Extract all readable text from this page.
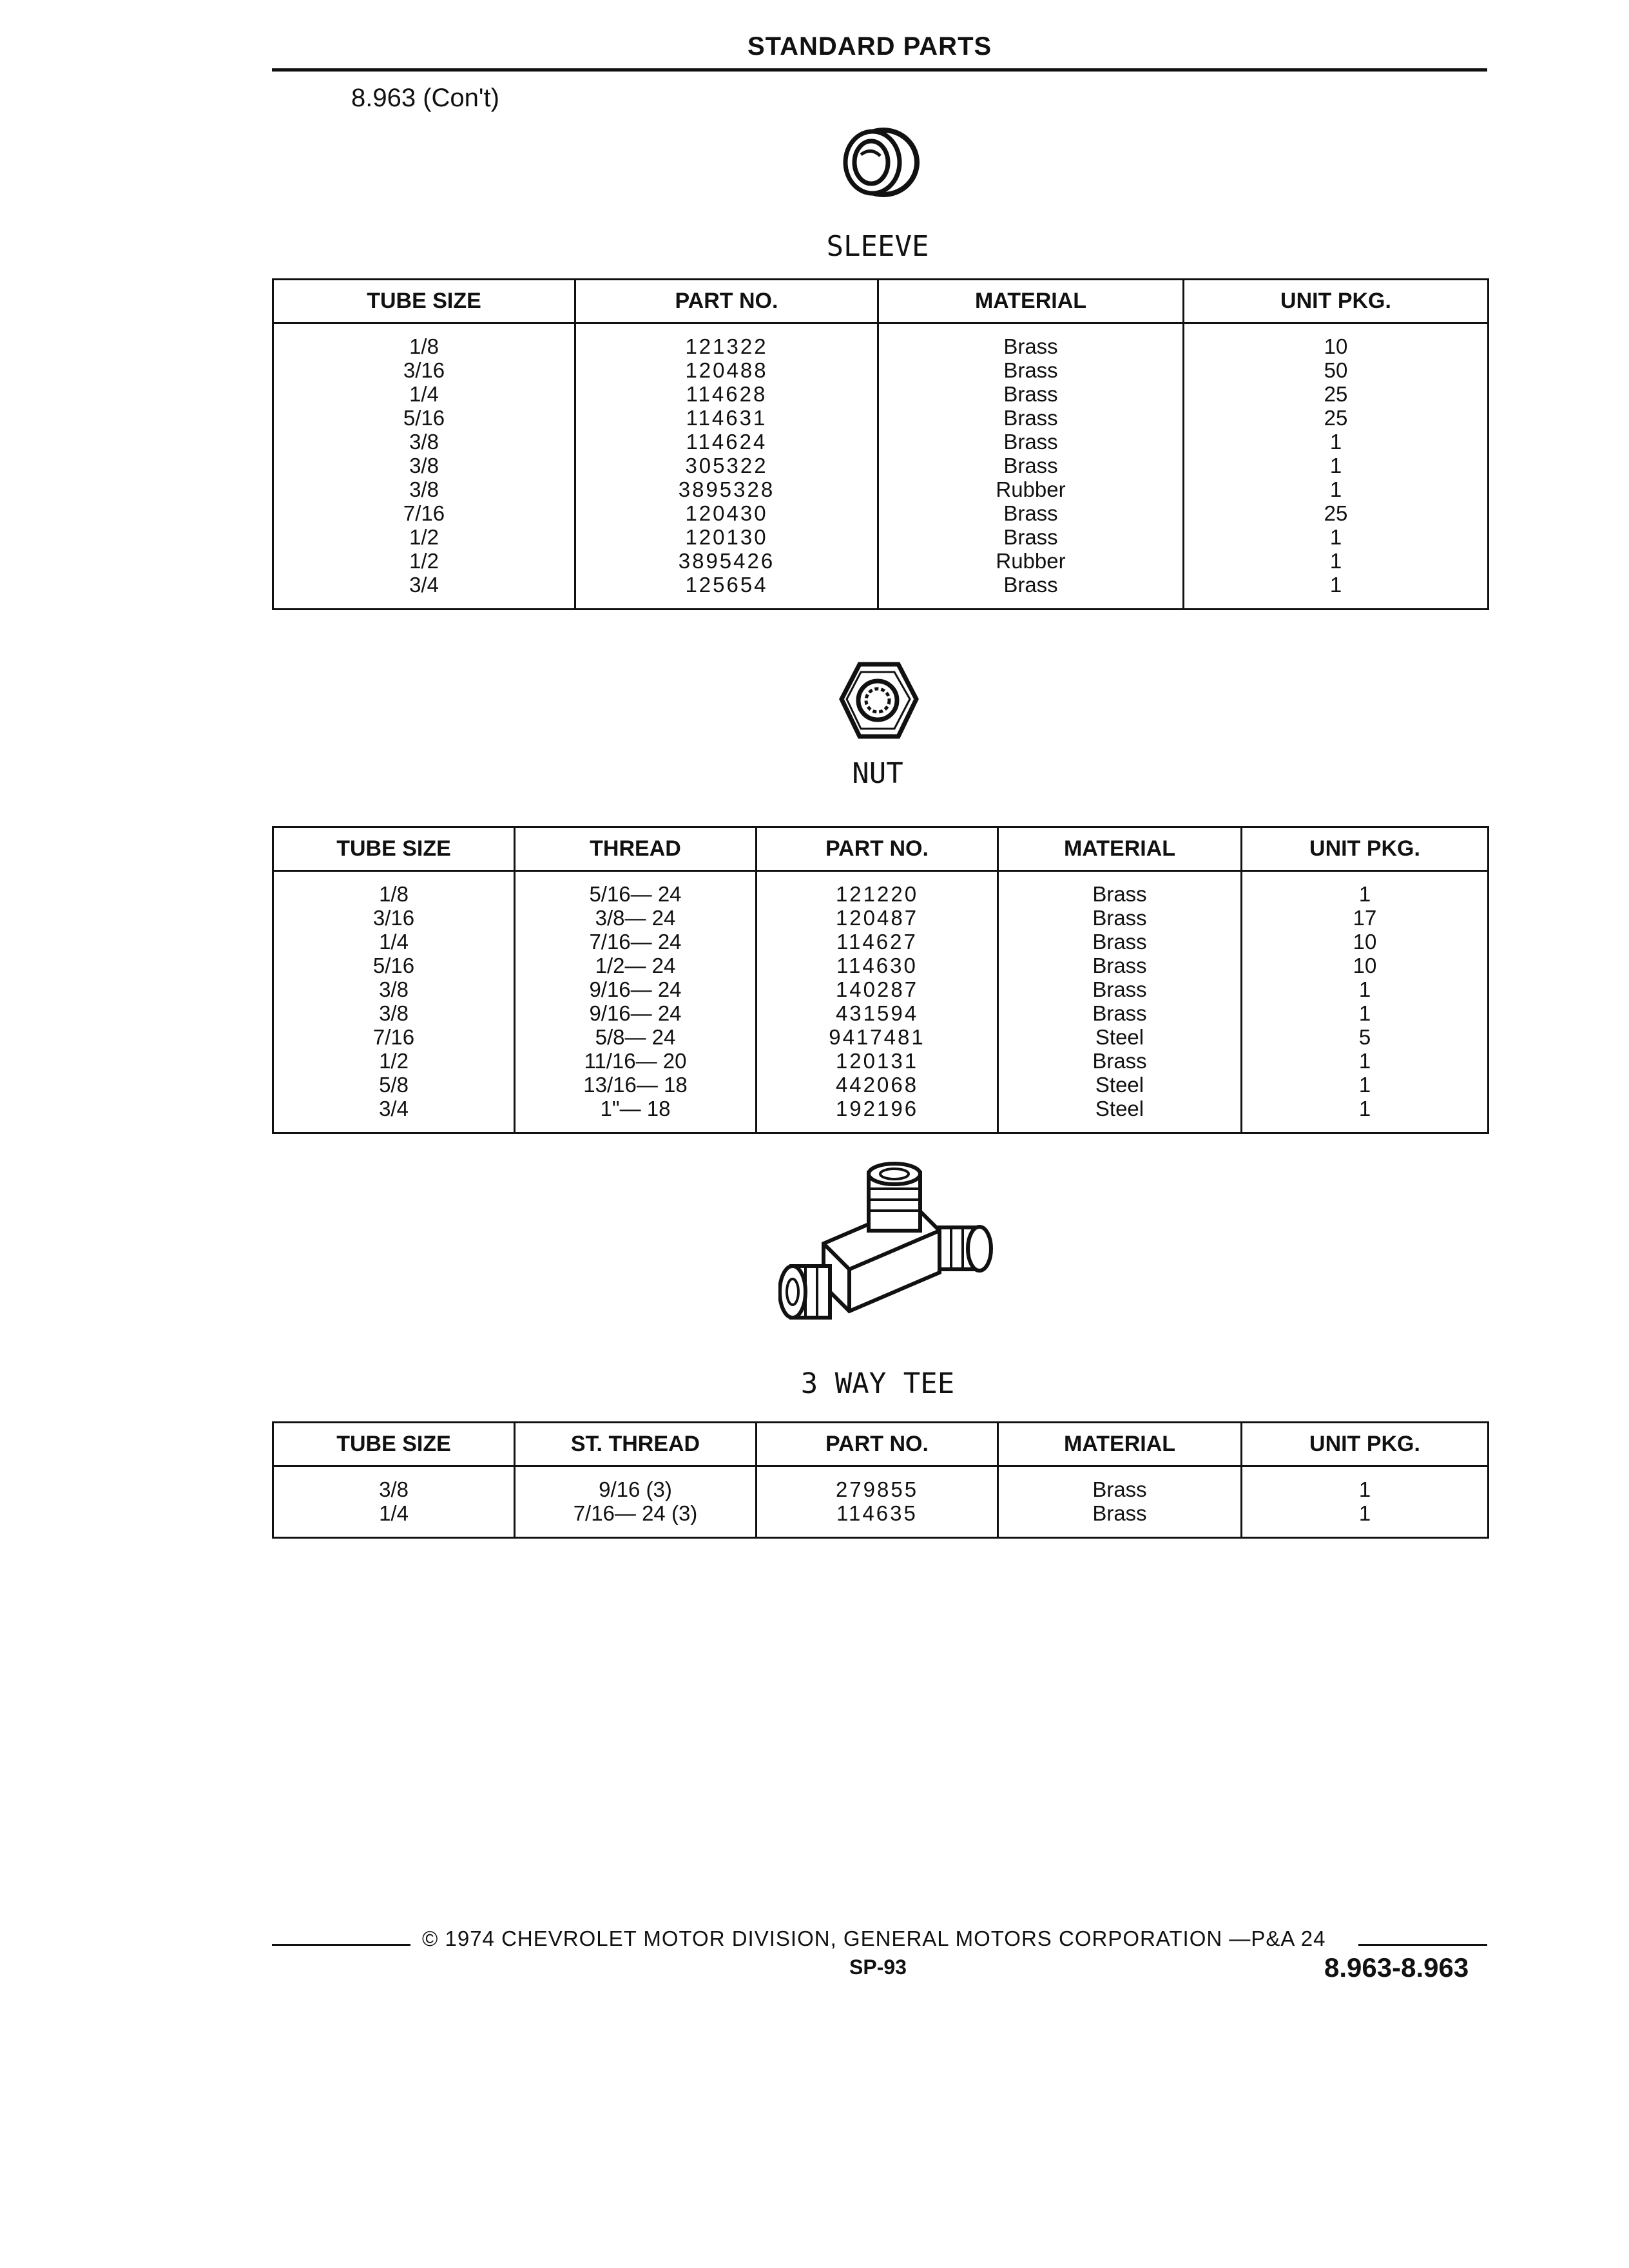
STANDARD PARTS
8.963 (Con't)
SLEEVE
TUBE SIZE	PART NO.	MATERIAL	UNIT PKG.
1/8	121322	Brass	10
3/16	120488	Brass	50
1/4	114628	Brass	25
5/16	114631	Brass	25
3/8	114624	Brass	1
3/8	305322	Brass	1
3/8	3895328	Rubber	1
7/16	120430	Brass	25
1/2	120130	Brass	1
1/2	3895426	Rubber	1
3/4	125654	Brass	1
NUT
TUBE SIZE	THREAD	PART NO.	MATERIAL	UNIT PKG.
1/8	5/16— 24	121220	Brass	1
3/16	3/8— 24	120487	Brass	17
1/4	7/16— 24	114627	Brass	10
5/16	1/2— 24	114630	Brass	10
3/8	9/16— 24	140287	Brass	1
3/8	9/16— 24	431594	Brass	1
7/16	5/8— 24	9417481	Steel	5
1/2	11/16— 20	120131	Brass	1
5/8	13/16— 18	442068	Steel	1
3/4	1"— 18	192196	Steel	1
3 WAY TEE
TUBE SIZE	ST. THREAD	PART NO.	MATERIAL	UNIT PKG.
3/8	9/16 (3)	279855	Brass	1
1/4	7/16— 24 (3)	114635	Brass	1
© 1974 CHEVROLET MOTOR DIVISION, GENERAL MOTORS CORPORATION —P&A 24
SP-93	8.963-8.963
